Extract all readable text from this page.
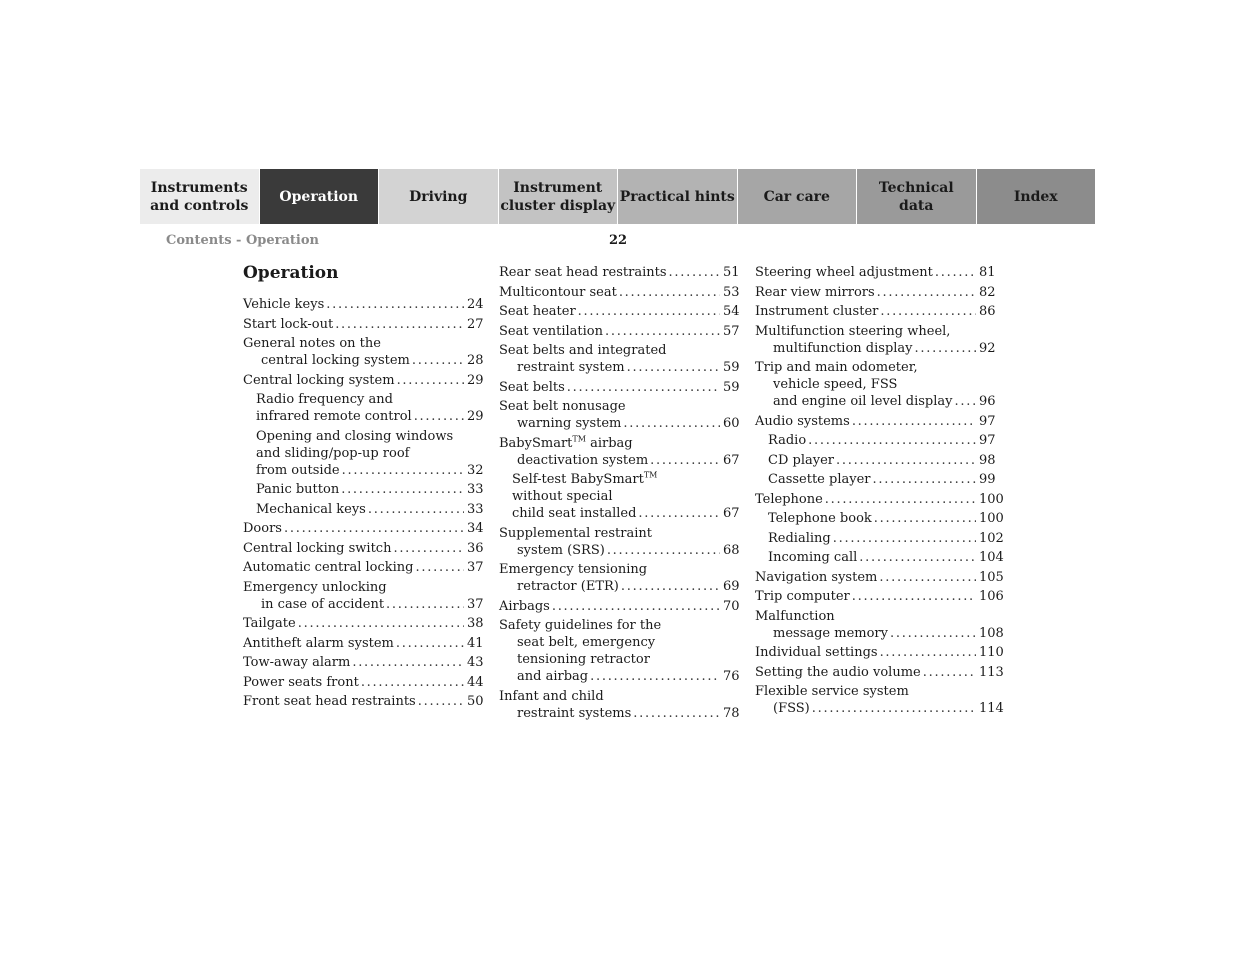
Instruments
and controls
Operation	Driving
Instrument
cluster display
Practical hints	Car care
Technical
data
Index
Contents - Operation	22
Operation
Vehicle keys . . .	24
Start lock-out . . .	27
General notes on the
central locking system . . .	28
Central locking system . . .	29
Radio frequency and
infrared remote control . . .	29
Opening and closing windows
and sliding/pop-up roof
from outside . . .	32
Panic button . . .	33
Mechanical keys . . .	33
Doors . . .	34
Central locking switch . . .	36
Automatic central locking . . .	37
Emergency unlocking
in case of accident . . .	37
Tailgate . . .	38
Antitheft alarm system . . .	41
Tow-away alarm . . .	43
Power seats front . . .	44
Front seat head restraints . . .	50
Rear seat head restraints . . .	51
Multicontour seat . . .	53
Seat heater . . .	54
Seat ventilation . . .	57
Seat belts and integrated
restraint system . . .	59
Seat belts . . .	59
Seat belt nonusage
warning system . . .	60
BabySmart™ airbag
deactivation system . . .	67
Self-test BabySmart™
without special
child seat installed . . .	67
Supplemental restraint
system (SRS) . . .	68
Emergency tensioning
retractor (ETR) . . .	69
Airbags . . .	70
Safety guidelines for the
seat belt, emergency
tensioning retractor
and airbag . . .	76
Infant and child
restraint systems . . .	78
Steering wheel adjustment . . .	81
Rear view mirrors . . .	82
Instrument cluster . . .	86
Multifunction steering wheel,
multifunction display . . .	92
Trip and main odometer,
vehicle speed, FSS
and engine oil level display . . . 96
Audio systems . . .	97
Radio . . .	97
CD player . . .	98
Cassette player . . .	99
Telephone . . .	100
Telephone book . . .	100
Redialing . . .	102
Incoming call . . .	104
Navigation system . . .	105
Trip computer . . .	106
Malfunction
message memory . . .	108
Individual settings . . .	110
Setting the audio volume . . .	113
Flexible service system
(FSS) . . .	114
